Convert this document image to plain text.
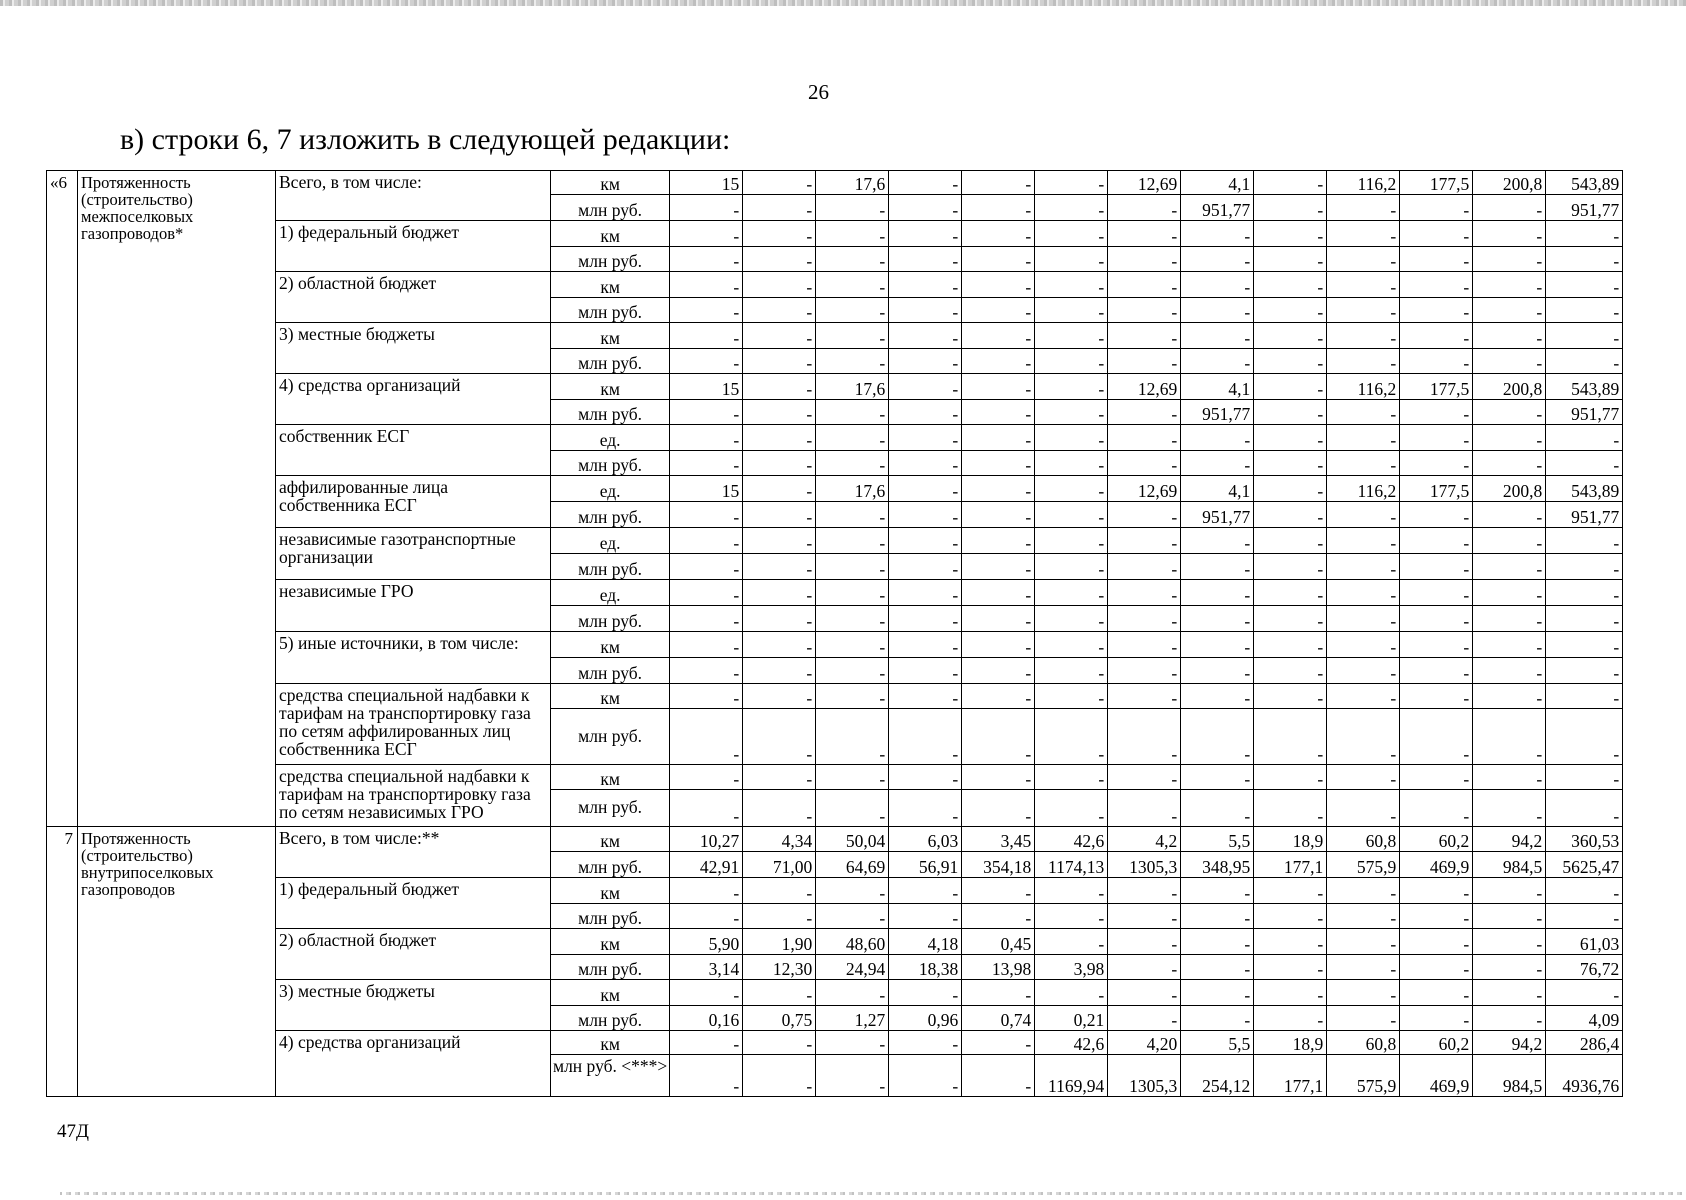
26
в) строки 6, 7 изложить в следующей редакции:
«6	Протяженность (строительство) межпоселковых газопроводов*	Всего, в том числе:	км	15	-	17,6	-	-	-	12,69	4,1	-	116,2	177,5	200,8	543,89
			млн руб.	-	-	-	-	-	-	-	951,77	-	-	-	-	951,77
		1) федеральный бюджет	км	-	-	-	-	-	-	-	-	-	-	-	-	-
			млн руб.	-	-	-	-	-	-	-	-	-	-	-	-	-
		2) областной бюджет	км	-	-	-	-	-	-	-	-	-	-	-	-	-
			млн руб.	-	-	-	-	-	-	-	-	-	-	-	-	-
		3) местные бюджеты	км	-	-	-	-	-	-	-	-	-	-	-	-	-
			млн руб.	-	-	-	-	-	-	-	-	-	-	-	-	-
		4) средства организаций	км	15	-	17,6	-	-	-	12,69	4,1	-	116,2	177,5	200,8	543,89
			млн руб.	-	-	-	-	-	-	-	951,77	-	-	-	-	951,77
		собственник ЕСГ	ед.	-	-	-	-	-	-	-	-	-	-	-	-	-
			млн руб.	-	-	-	-	-	-	-	-	-	-	-	-	-
		аффилированные лица собственника ЕСГ	ед.	15	-	17,6	-	-	-	12,69	4,1	-	116,2	177,5	200,8	543,89
			млн руб.	-	-	-	-	-	-	-	951,77	-	-	-	-	951,77
		независимые газотранспортные организации	ед.	-	-	-	-	-	-	-	-	-	-	-	-	-
			млн руб.	-	-	-	-	-	-	-	-	-	-	-	-	-
		независимые ГРО	ед.	-	-	-	-	-	-	-	-	-	-	-	-	-
			млн руб.	-	-	-	-	-	-	-	-	-	-	-	-	-
		5) иные источники, в том числе:	км	-	-	-	-	-	-	-	-	-	-	-	-	-
			млн руб.	-	-	-	-	-	-	-	-	-	-	-	-	-
		средства специальной надбавки к тарифам на транспортировку газа по сетям аффилированных лиц собственника ЕСГ	км	-	-	-	-	-	-	-	-	-	-	-	-	-
			млн руб.	-	-	-	-	-	-	-	-	-	-	-	-	-
		средства специальной надбавки к тарифам на транспортировку газа по сетям независимых ГРО	км	-	-	-	-	-	-	-	-	-	-	-	-	-
			млн руб.	-	-	-	-	-	-	-	-	-	-	-	-	-
7	Протяженность (строительство) внутрипоселковых газопроводов	Всего, в том числе:**	км	10,27	4,34	50,04	6,03	3,45	42,6	4,2	5,5	18,9	60,8	60,2	94,2	360,53
			млн руб.	42,91	71,00	64,69	56,91	354,18	1174,13	1305,3	348,95	177,1	575,9	469,9	984,5	5625,47
		1) федеральный бюджет	км	-	-	-	-	-	-	-	-	-	-	-	-	-
			млн руб.	-	-	-	-	-	-	-	-	-	-	-	-	-
		2) областной бюджет	км	5,90	1,90	48,60	4,18	0,45	-	-	-	-	-	-	-	61,03
			млн руб.	3,14	12,30	24,94	18,38	13,98	3,98	-	-	-	-	-	-	76,72
		3) местные бюджеты	км	-	-	-	-	-	-	-	-	-	-	-	-	-
			млн руб.	0,16	0,75	1,27	0,96	0,74	0,21	-	-	-	-	-	-	4,09
		4) средства организаций	км	-	-	-	-	-	42,6	4,20	5,5	18,9	60,8	60,2	94,2	286,4
			млн руб. <***>	-	-	-	-	-	1169,94	1305,3	254,12	177,1	575,9	469,9	984,5	4936,76
47Д
